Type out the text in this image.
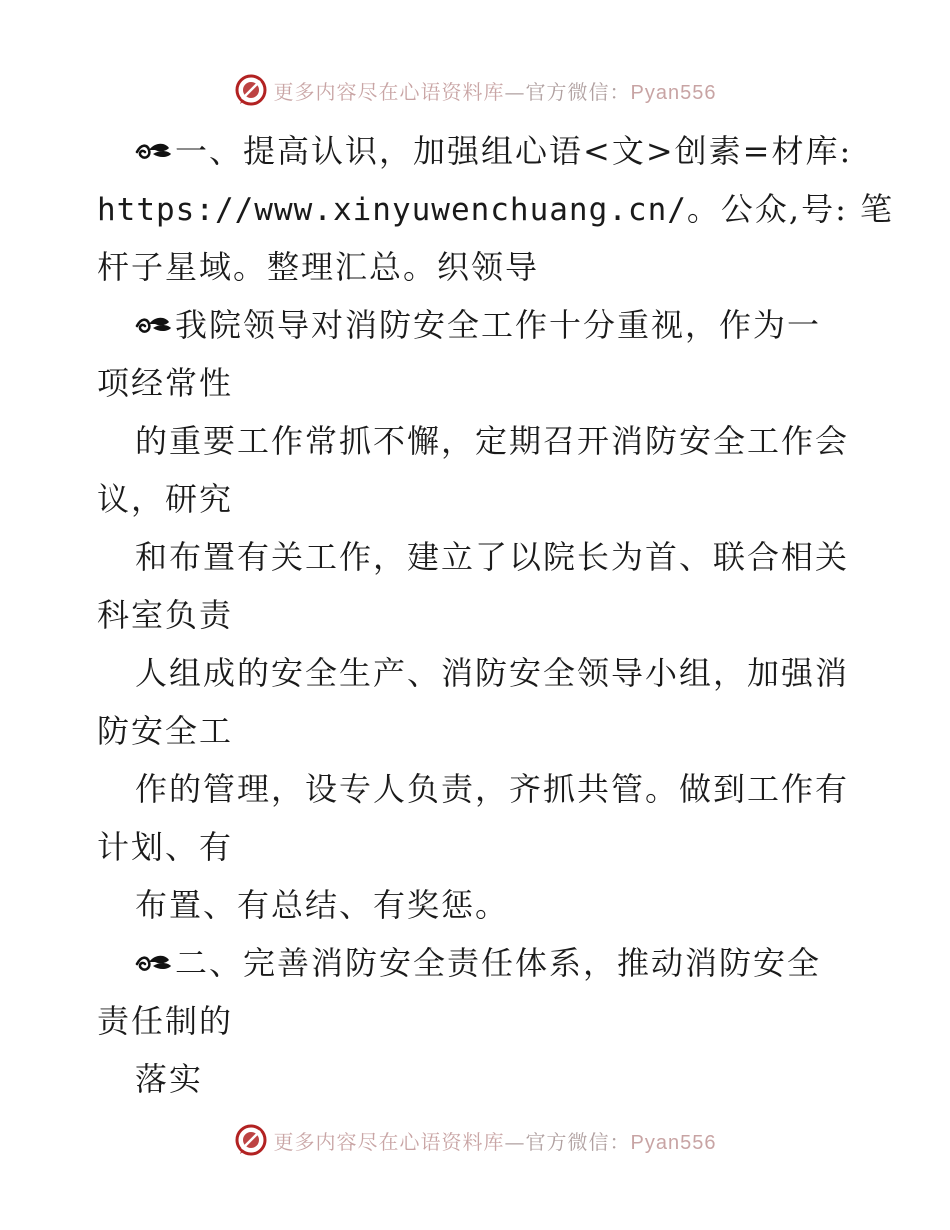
更多内容尽在心语资料库—官方微信：Pyan556
一、提高认识，加强组心语<文>创素=材库:
https://www.xinyuwenchuang.cn/。公众,号: 笔
杆子星域。整理汇总。织领导
我院领导对消防安全工作十分重视，作为一
项经常性
的重要工作常抓不懈，定期召开消防安全工作会
议，研究
和布置有关工作，建立了以院长为首、联合相关
科室负责
人组成的安全生产、消防安全领导小组，加强消
防安全工
作的管理，设专人负责，齐抓共管。做到工作有
计划、有
布置、有总结、有奖惩。
二、完善消防安全责任体系，推动消防安全
责任制的
落实
更多内容尽在心语资料库—官方微信：Pyan556
